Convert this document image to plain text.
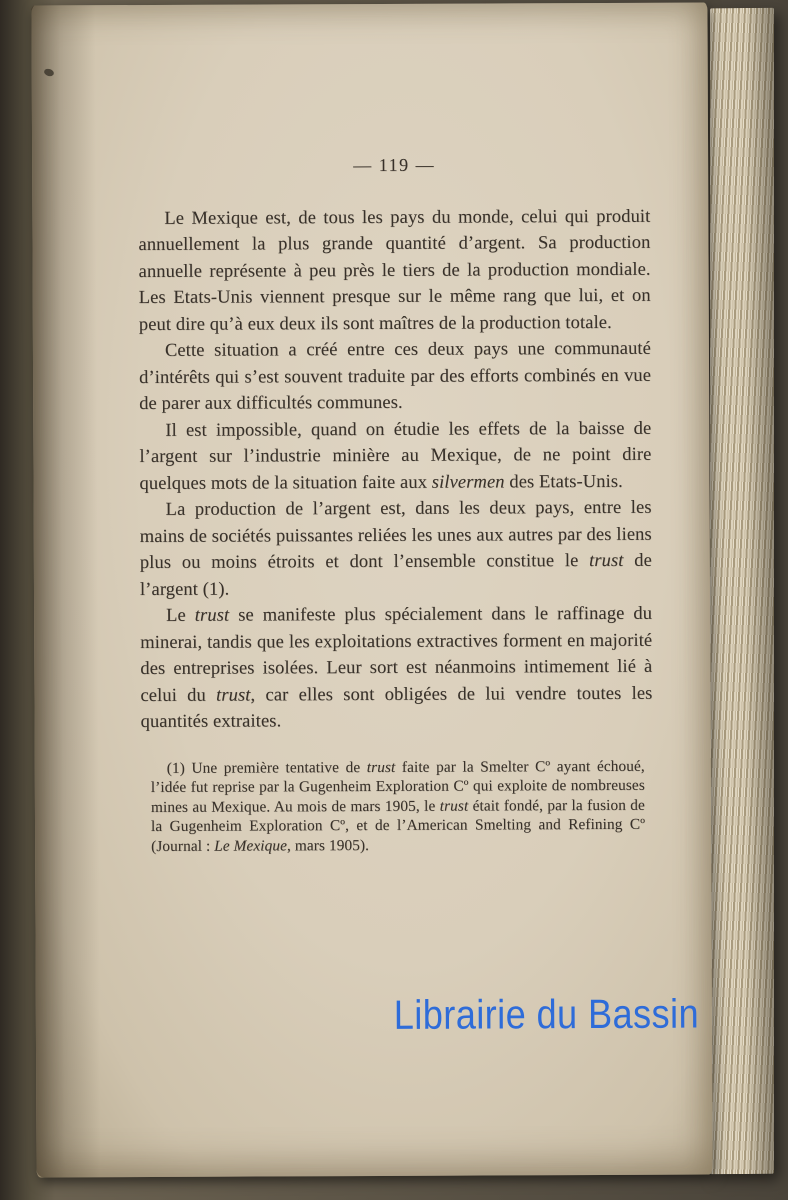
— 119 —

Le Mexique est, de tous les pays du monde, celui qui produit annuellement la plus grande quantité d’argent. Sa production annuelle représente à peu près le tiers de la production mondiale. Les Etats-Unis viennent presque sur le même rang que lui, et on peut dire qu’à eux deux ils sont maîtres de la production totale.

Cette situation a créé entre ces deux pays une communauté d’intérêts qui s’est souvent traduite par des efforts combinés en vue de parer aux difficultés communes.

Il est impossible, quand on étudie les effets de la baisse de l’argent sur l’industrie minière au Mexique, de ne point dire quelques mots de la situation faite aux silvermen des Etats-Unis.

La production de l’argent est, dans les deux pays, entre les mains de sociétés puissantes reliées les unes aux autres par des liens plus ou moins étroits et dont l’ensemble constitue le trust de l’argent (1).

Le trust se manifeste plus spécialement dans le raffinage du minerai, tandis que les exploitations extractives forment en majorité des entreprises isolées. Leur sort est néanmoins intimement lié à celui du trust, car elles sont obligées de lui vendre toutes les quantités extraites.

(1) Une première tentative de trust faite par la Smelter Cº ayant échoué, l’idée fut reprise par la Gugenheim Exploration Cº qui exploite de nombreuses mines au Mexique. Au mois de mars 1905, le trust était fondé, par la fusion de la Gugenheim Exploration Cº, et de l’American Smelting and Refining Cº (Journal : Le Mexique, mars 1905).

Librairie du Bassin
